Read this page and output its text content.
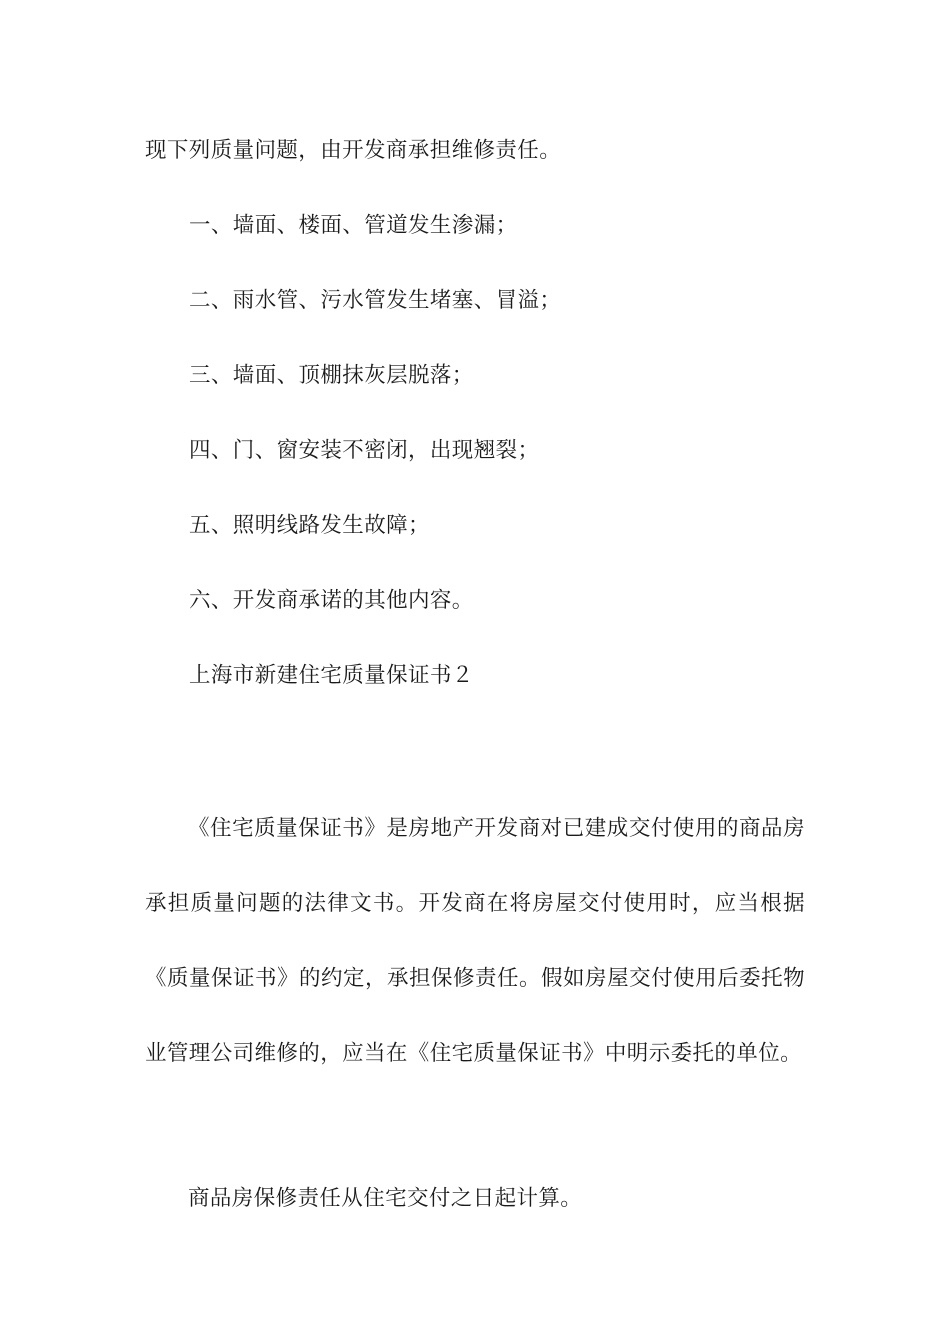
现下列质量问题，由开发商承担维修责任。
一、墙面、楼面、管道发生渗漏；
二、雨水管、污水管发生堵塞、冒溢；
三、墙面、顶棚抹灰层脱落；
四、门、窗安装不密闭，出现翘裂；
五、照明线路发生故障；
六、开发商承诺的其他内容。
上海市新建住宅质量保证书２

《住宅质量保证书》是房地产开发商对已建成交付使用的商品房承担质量问题的法律文书。开发商在将房屋交付使用时，应当根据《质量保证书》的约定，承担保修责任。假如房屋交付使用后委托物业管理公司维修的，应当在《住宅质量保证书》中明示委托的单位。

商品房保修责任从住宅交付之日起计算。
